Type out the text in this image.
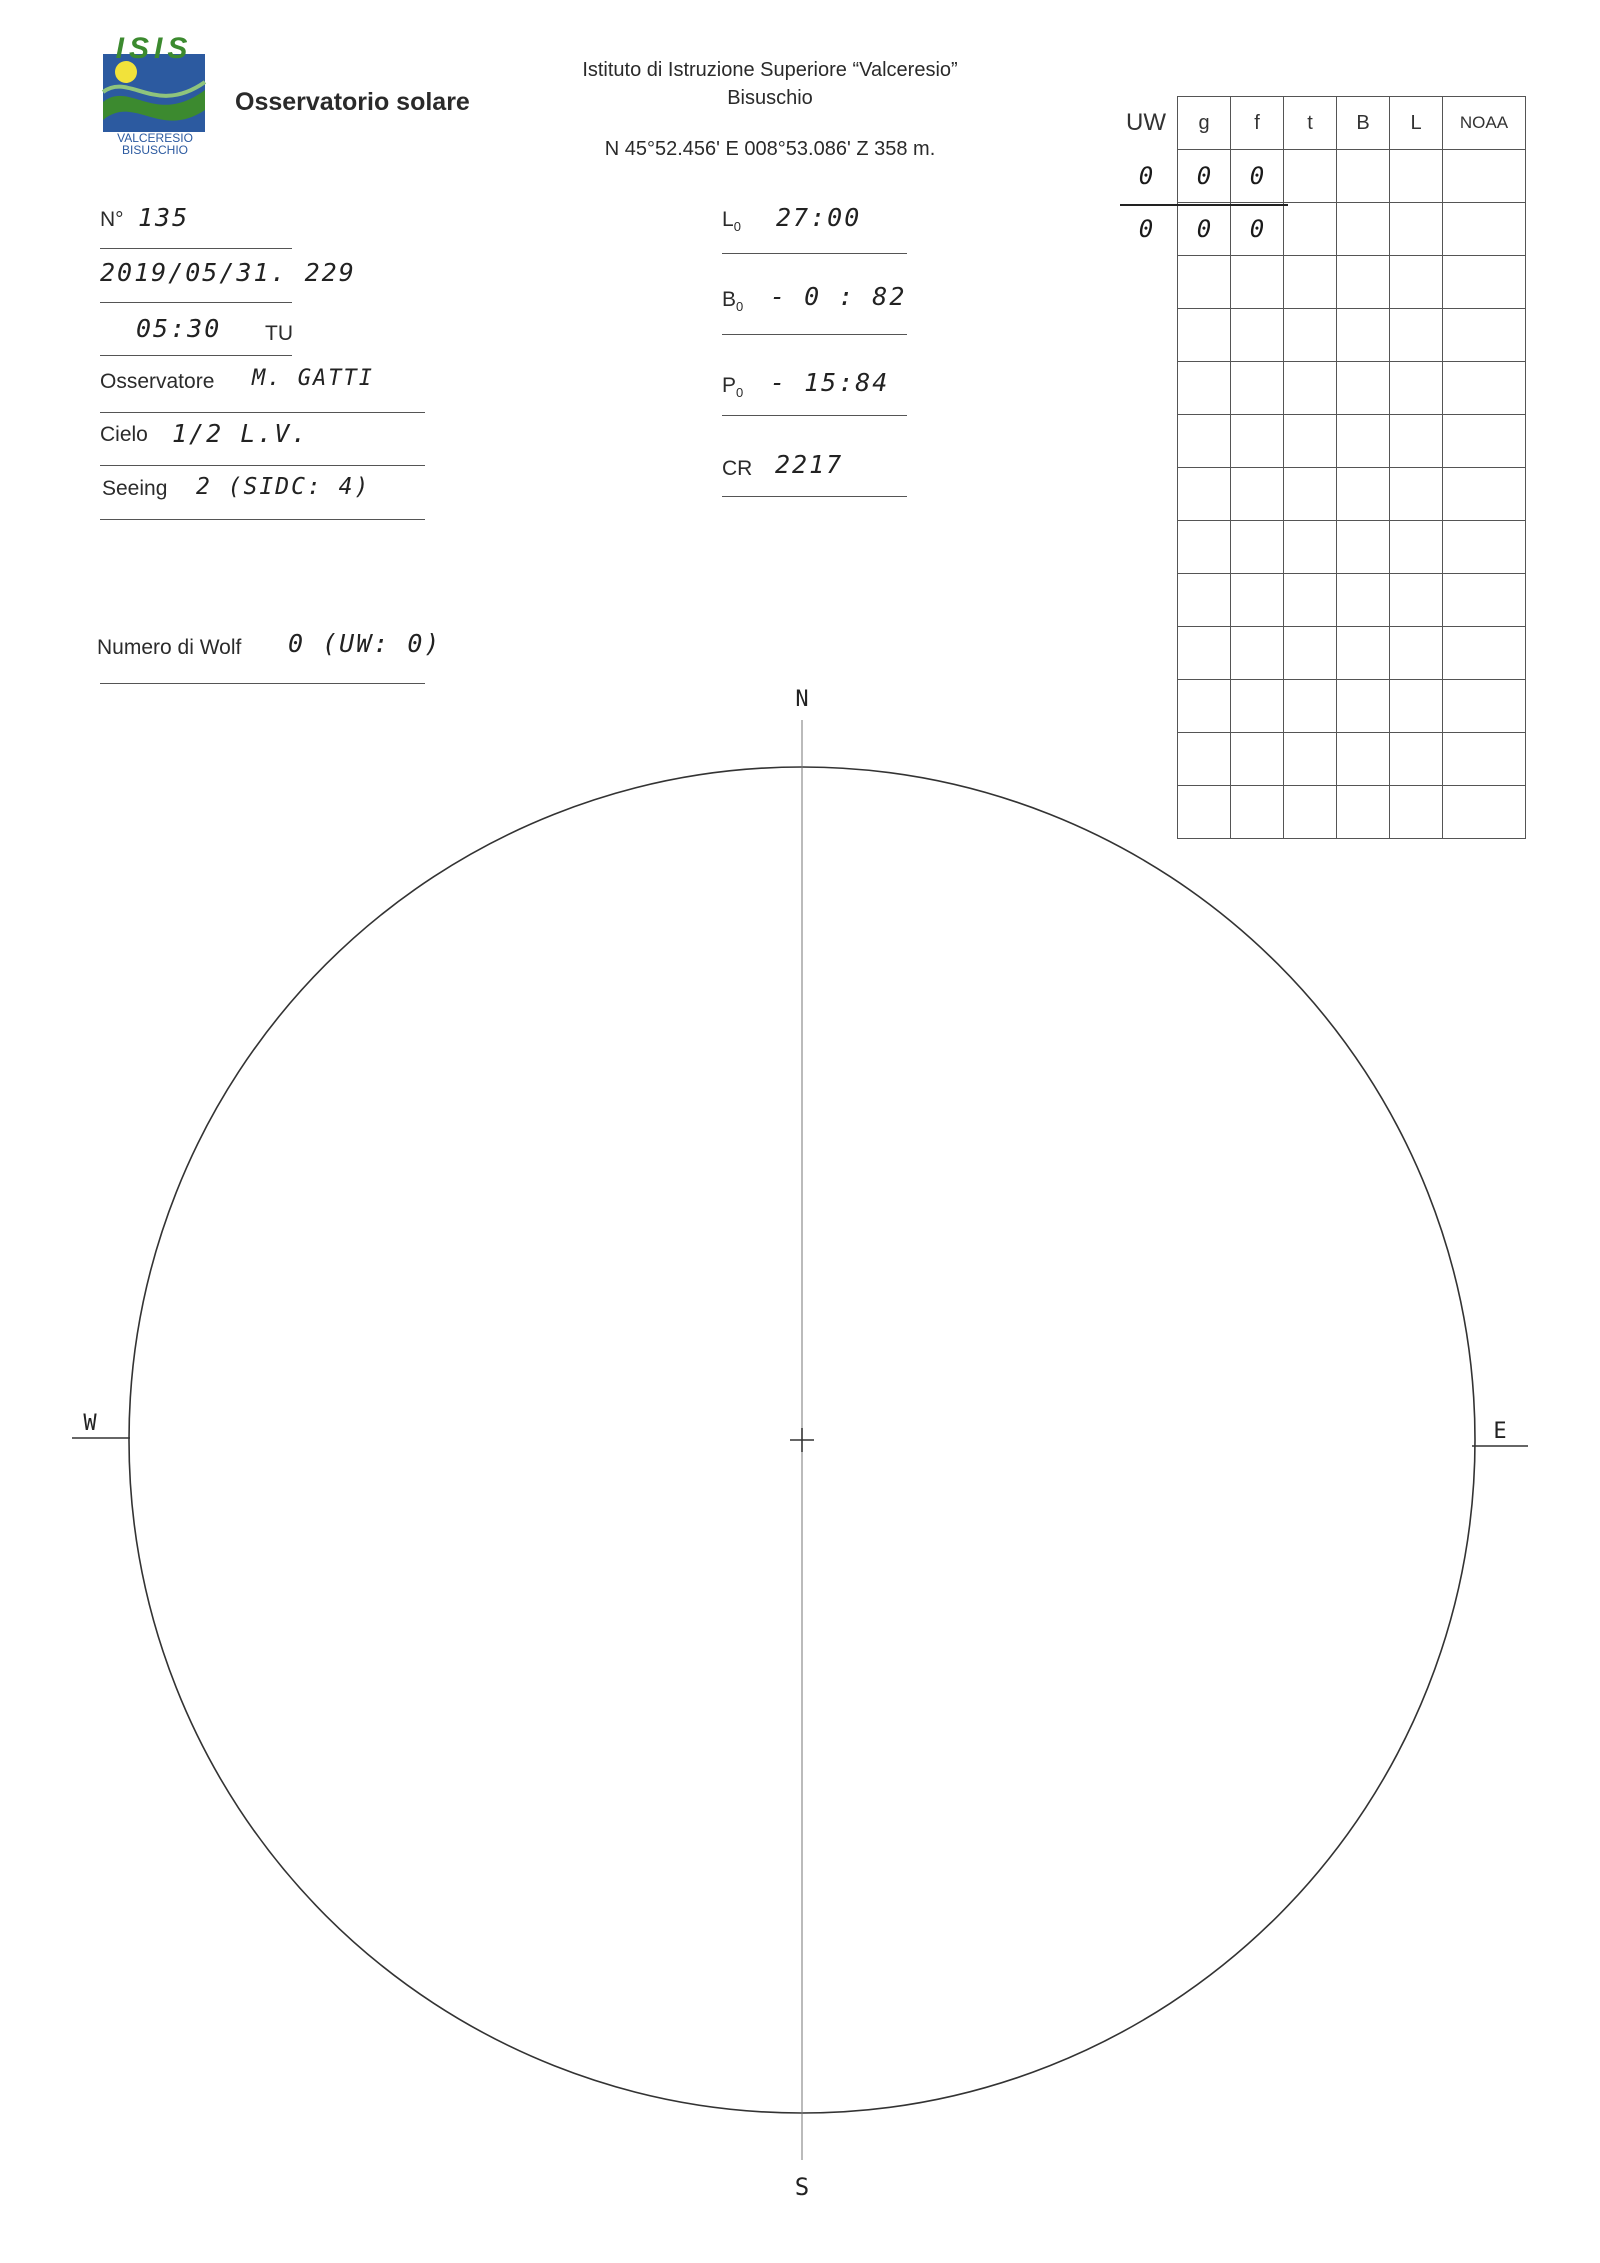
ISIS
VALCERESIO
BISUSCHIO
Osservatorio solare
Istituto di Istruzione Superiore “Valceresio”
Bisuschio
N 45°52.456' E 008°53.086' Z 358 m.
N° 135
2019/05/31. 229
05:30 TU
Osservatore M. GATTI
Cielo 1/2 L.V.
Seeing 2 (SIDC: 4)
Numero di Wolf 0 (UW: 0)
$L_0$ 27:00
$B_0 - 0$ : 82
$P_0$ - 15:84
CR 2217
UW	g	f	t	B	L	NOAA
0	0	0				
0	0	0				

N
S
W	E
